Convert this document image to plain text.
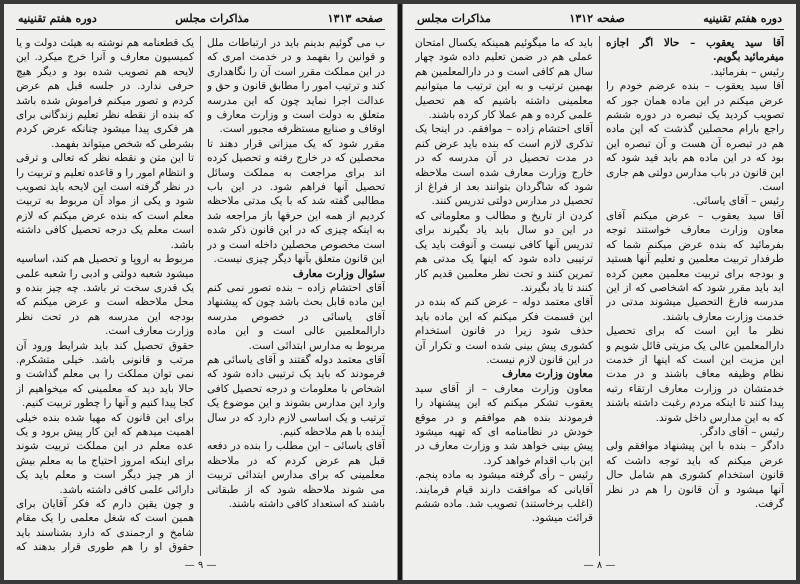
صفحه ۱۳۱۳
مذاکرات مجلس
دوره هفتم تقنینیه

ب می گوئیم بدینم باید در ارتباطات ملل و قوانین را بفهمد و در خدمت امری که در این مملکت مقرر است آن را نگاهداری کند و ترتیب امور را مطابق قانون و حق و عدالت اجرا نماید چون که این مدرسه متعلق به دولت است و وزارت معارف و اوقاف و صنایع مستظرفه مجبور است.

مقرر شود که یک میزانی قرار دهند تا محصلین که در خارج رفته و تحصیل کرده اند برای مراجعت به مملکت وسائل تحصیل آنها فراهم شود. در این باب مطالبی گفته شد که با یک مدتی ملاحظه کردیم از همه این حرفها باز مراجعه شد به اینکه چیزی که در این قانون ذکر شده است مخصوص محصلین داخله است و در این قانون متعلق بآنها دیگر چیزی نیست.

سئوال وزارت معارف

آقای احتشام زاده – بنده تصور نمی کنم این ماده قابل بحث باشد چون که پیشنهاد آقای یاسائی در خصوص مدرسه دارالمعلمین عالی است و این ماده مربوط به مدارس ابتدائی است.

آقای معتمد دوله گفتند و آقای یاسائی هم فرمودند که باید یک ترتیبی داده شود که اشخاص با معلومات و درجه تحصیل کافی وارد این مدارس بشوند و این موضوع یک ترتیب و یک اساسی لازم دارد که در سال آینده با هم ملاحظه کنیم.

آقای یاسائی – این مطلب را بنده در دفعه قبل هم عرض کردم که در ملاحظه معلمینی که برای مدارس ابتدائی تربیت می شوند ملاحظه شود که از طبقاتی باشند که استعداد کافی داشته باشند.

یک قطعنامه هم نوشته به هیئت دولت و یا کمیسیون معارف و آنرا خرج میکرد. این لایحه هم تصویب شده بود و دیگر هیچ حرفی ندارد. در جلسه قبل هم عرض کردم و تصور میکنم فراموش شده باشد که بنده از نقطه نظر تعلیم زندگانی برای هر فکری پیدا میشود چنانکه عرض کردم بشرطی که شخص میتواند بفهمد.

تا این متن و نقطه نظر که تعالی و ترقی و انتظام امور را و قاعده تعلیم و تربیت را در نظر گرفته است این لایحه باید تصویب شود و یکی از مواد آن مربوط به تربیت معلم است که بنده عرض میکنم که لازم است معلم یک درجه تحصیل کافی داشته باشد.

مربوط به اروپا و تحصیل هم کند، اساسیه میشود شعبه دولتی و ادبی را شعبه علمی یک قدری سخت تر باشد. چه چیز بنده و محل ملاحظه است و عرض میکنم که بودجه این مدرسه هم در تحت نظر وزارت معارف است.

حقوق تحصیل کند باید شرایط ورود آن مرتب و قانونی باشد. خیلی متشکرم. نمی توان مملکت را بی معلم گذاشت و حالا باید دید که معلمینی که میخواهیم از کجا پیدا کنیم و آنها را چطور تربیت کنیم.

برای این قانون که مهیا شده بنده خیلی اهمیت میدهم که این کار پیش برود و یک عده معلم در این مملکت تربیت شوند برای اینکه امروز احتیاج ما به معلم بیش از هر چیز دیگر است و معلم باید یک دارائی علمی کافی داشته باشد.

و چون یقین دارم که فکر آقایان برای همین است که شغل معلمی را یک مقام شامخ و ارجمندی که دارد بشناسند باید حقوق او را هم طوری قرار بدهند که

— ۹ —
دوره هفتم تقنینیه
صفحه ۱۳۱۲
مذاکرات مجلس

آقا سید یعقوب – حالا اگر اجازه میفرمائید بگویم.

رئیس – بفرمائید.

آقا سید یعقوب – بنده عرضم خودم را عرض میکنم در این ماده همان جور که تصویب کردید یک تبصره در دوره ششم راجع بارام محصلین گذشت که این ماده هم در تبصره آن هست و آن تبصره این بود که در این ماده هم باید قید شود که این قانون در باب مدارس دولتی هم جاری است.

رئیس – آقای یاسائی.

آقا سید یعقوب – عرض میکنم آقای معاون وزارت معارف خواستند توجه بفرمائید که بنده عرض میکنم شما که طرفدار تربیت معلمین و تعلیم آنها هستید و بودجه برای تربیت معلمین معین کرده اید باید مقرر شود که اشخاصی که از این مدرسه فارغ التحصیل میشوند مدتی در خدمت وزارت معارف باشند.

نظر ما این است که برای تحصیل دارالمعلمین عالی یک مزیتی قائل شویم و این مزیت این است که اینها از خدمت نظام وظیفه معاف باشند و در مدت خدمتشان در وزارت معارف ارتقاء رتبه پیدا کنند تا اینکه مردم رغبت داشته باشند که به این مدارس داخل شوند.

رئیس – آقای دادگر.

دادگر – بنده با این پیشنهاد موافقم ولی عرض میکنم که باید توجه داشت که قانون استخدام کشوری هم شامل حال آنها میشود و آن قانون را هم در نظر گرفت.

باید که ما میگوئیم همینکه یکسال امتحان عملی هم در ضمن تعلیم داده شود چهار سال هم کافی است و در دارالمعلمین هم بهمین ترتیب و به این ترتیب ما میتوانیم معلمینی داشته باشیم که هم تحصیل علمی کرده و هم عملا کار کرده باشند.

آقای احتشام زاده – موافقم. در اینجا یک تذکری لازم است که بنده باید عرض کنم در مدت تحصیل در آن مدرسه که در خارج وزارت معارف شده است ملاحظه شود که شاگردان بتوانند بعد از فراغ از تحصیل در مدارس دولتی تدریس کنند.

کردن از تاریخ و مطالب و معلوماتی که در این دو سال باید یاد بگیرند برای تدریس آنها کافی نیست و آنوقت باید یک ترتیبی داده شود که اینها یک مدتی هم تمرین کنند و تحت نظر معلمین قدیم کار کنند تا یاد بگیرند.

آقای معتمد دوله – عرض کنم که بنده در این قسمت فکر میکنم که این ماده باید حذف شود زیرا در قانون استخدام کشوری پیش بینی شده است و تکرار آن در این قانون لازم نیست.

معاون وزارت معارف

معاون وزارت معارف – از آقای سید یعقوب تشکر میکنم که این پیشنهاد را فرمودند بنده هم موافقم و در موقع خودش در نظامنامه ای که تهیه میشود پیش بینی خواهد شد و وزارت معارف در این باب اقدام خواهد کرد.

رئیس – رأی گرفته میشود به ماده پنجم. آقایانی که موافقت دارند قیام فرمایند. (اغلب برخاستند) تصویب شد. ماده ششم قرائت میشود.

— ۸ —
